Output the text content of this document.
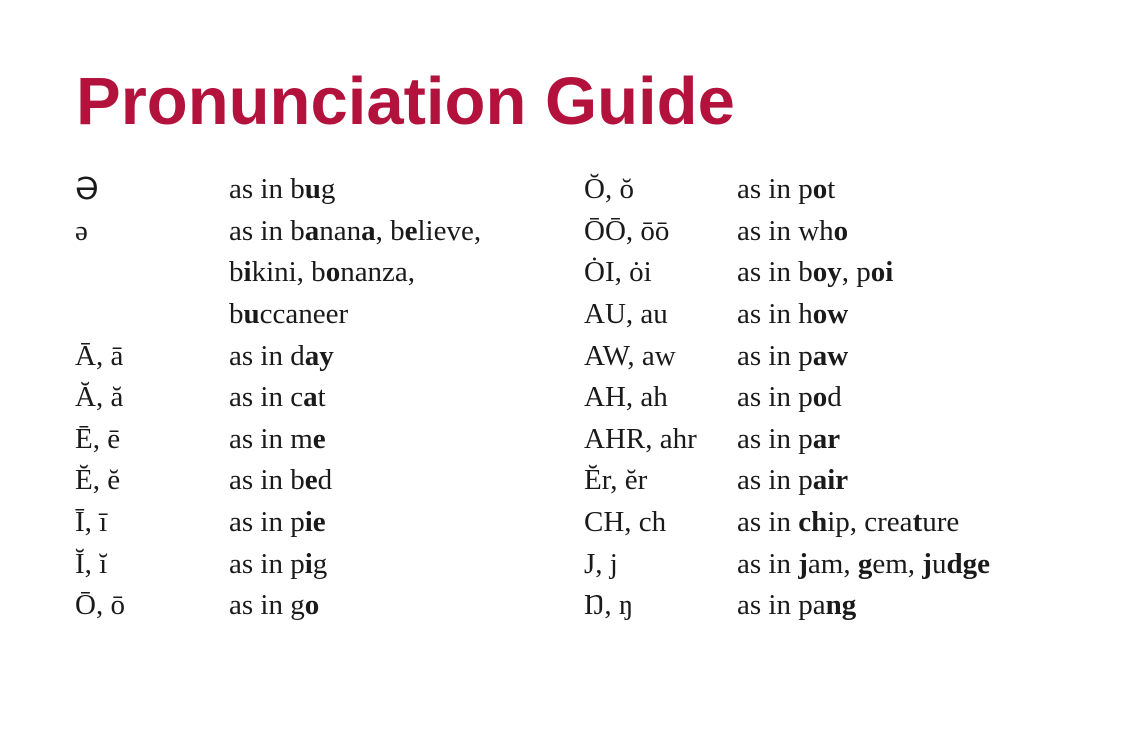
Pronunciation Guide
Ə	as in bug
ə	as in banana, believe,
bikini, bonanza,
buccaneer
Ā, ā	as in day
Ă, ă	as in cat
Ē, ē	as in me
Ĕ, ĕ	as in bed
Ī, ī	as in pie
Ĭ, ĭ	as in pig
Ō, ō	as in go
Ŏ, ŏ	as in pot
ŌŌ, ōō	as in who
ȮI, ȯi	as in boy, poi
AU, au	as in how
AW, aw	as in paw
AH, ah	as in pod
AHR, ahr	as in par
Ĕr, ĕr	as in pair
CH, ch	as in chip, creature
J, j	as in jam, gem, judge
Ŋ, ŋ	as in pang
